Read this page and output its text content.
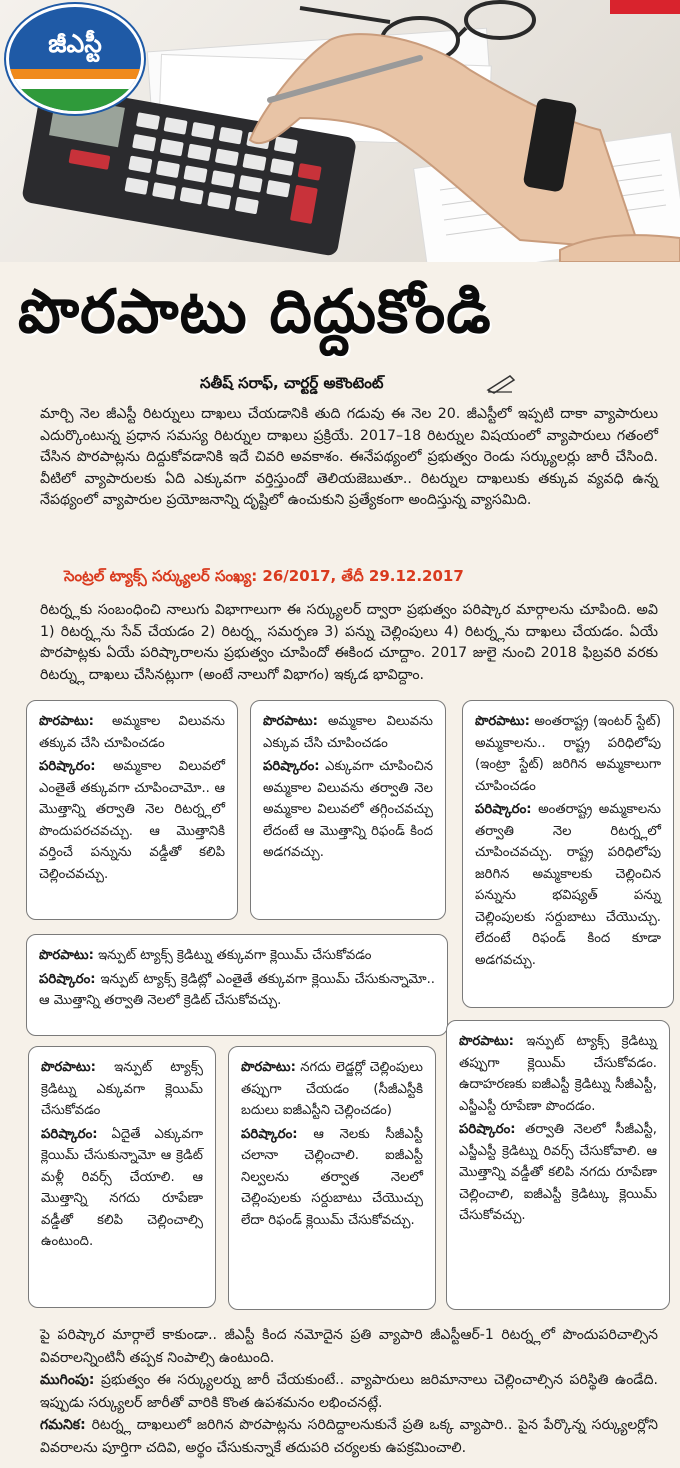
జీఎస్టీ
పొరపాటు దిద్దుకోండి
సతీష్ సరాఫ్, చార్టర్డ్ అకౌంటెంట్
మార్చి నెల జీఎస్టీ రిటర్నులు దాఖలు చేయడానికి తుది గడువు ఈ నెల 20. జీఎస్టీలో ఇప్పటి దాకా వ్యాపారులు ఎదుర్కొంటున్న ప్రధాన సమస్య రిటర్నుల దాఖలు ప్రక్రియే. 2017–18 రిటర్నుల విషయంలో వ్యాపారులు గతంలో చేసిన పొరపాట్లను దిద్దుకోవడానికి ఇదే చివరి అవకాశం. ఈనేపథ్యంలో ప్రభుత్వం రెండు సర్క్యులర్లు జారీ చేసింది. వీటిలో వ్యాపారులకు ఏది ఎక్కువగా వర్తిస్తుందో తెలియజెబుతూ.. రిటర్నుల దాఖలుకు తక్కువ వ్యవధి ఉన్న నేపథ్యంలో వ్యాపారుల ప్రయోజనాన్ని దృష్టిలో ఉంచుకుని ప్రత్యేకంగా అందిస్తున్న వ్యాసమిది.
సెంట్రల్ ట్యాక్స్ సర్క్యులర్ సంఖ్య: 26/2017, తేదీ 29.12.2017
రిటర్న్లకు సంబంధించి నాలుగు విభాగాలుగా ఈ సర్క్యులర్ ద్వారా ప్రభుత్వం పరిష్కార మార్గాలను చూపింది. అవి 1) రిటర్న్లను సేవ్ చేయడం 2) రిటర్న్ల సమర్పణ 3) పన్ను చెల్లింపులు 4) రిటర్న్లను దాఖలు చేయడం. ఏయే పొరపాట్లకు ఏయే పరిష్కారాలను ప్రభుత్వం చూపిందో ఈకింద చూద్దాం. 2017 జులై నుంచి 2018 ఫిబ్రవరి వరకు రిటర్న్లు దాఖలు చేసినట్లుగా (అంటే నాలుగో విభాగం) ఇక్కడ భావిద్దాం.

పొరపాటు: అమ్మకాల విలువను తక్కువ చేసి చూపించడం

పరిష్కారం: అమ్మకాల విలువలో ఎంతైతే తక్కువగా చూపించామో.. ఆ మొత్తాన్ని తర్వాతి నెల రిటర్న్లలో పొందుపరచవచ్చు. ఆ మొత్తానికి వర్తించే పన్నును వడ్డీతో కలిపి చెల్లించవచ్చు.

పొరపాటు: అమ్మకాల విలువను ఎక్కువ చేసి చూపించడం

పరిష్కారం: ఎక్కువగా చూపించిన అమ్మకాల విలువను తర్వాతి నెల అమ్మకాల విలువలో తగ్గించవచ్చు లేదంటే ఆ మొత్తాన్ని రిఫండ్ కింద అడగవచ్చు.

పొరపాటు: అంతరాష్ట్ర (ఇంటర్ స్టేట్) అమ్మకాలను.. రాష్ట్ర పరిధిలోపు (ఇంట్రా స్టేట్) జరిగిన అమ్మకాలుగా చూపించడం

పరిష్కారం: అంతరాష్ట్ర అమ్మకాలను తర్వాతి నెల రిటర్న్లలో చూపించవచ్చు. రాష్ట్ర పరిధిలోపు జరిగిన అమ్మకాలకు చెల్లించిన పన్నును భవిష్యత్ పన్ను చెల్లింపులకు సర్దుబాటు చేయొచ్చు. లేదంటే రిఫండ్ కింద కూడా అడగవచ్చు.

పొరపాటు: ఇన్పుట్ ట్యాక్స్ క్రెడిట్ను తక్కువగా క్లెయిమ్ చేసుకోవడం

పరిష్కారం: ఇన్పుట్ ట్యాక్స్ క్రెడిట్లో ఎంతైతే తక్కువగా క్లెయిమ్ చేసుకున్నామో.. ఆ మొత్తాన్ని తర్వాతి నెలలో క్రెడిట్ చేసుకోవచ్చు.

పొరపాటు: ఇన్పుట్ ట్యాక్స్ క్రెడిట్ను ఎక్కువగా క్లెయిమ్ చేసుకోవడం

పరిష్కారం: ఏదైతే ఎక్కువగా క్లెయిమ్ చేసుకున్నామో ఆ క్రెడిట్ మళ్లీ రివర్స్ చేయాలి. ఆ మొత్తాన్ని నగదు రూపేణా వడ్డీతో కలిపి చెల్లించాల్సి ఉంటుంది.

పొరపాటు: నగదు లెడ్జర్లో చెల్లింపులు తప్పుగా చేయడం (సీజీఎస్టీకి బదులు ఐజీఎస్టీని చెల్లించడం)

పరిష్కారం: ఆ నెలకు సీజీఎస్టీ చలానా చెల్లించాలి. ఐజీఎస్టీ నిల్వలను తర్వాత నెలలో చెల్లింపులకు సర్దుబాటు చేయొచ్చు లేదా రిఫండ్ క్లెయిమ్ చేసుకోవచ్చు.

పొరపాటు: ఇన్పుట్ ట్యాక్స్ క్రెడిట్ను తప్పుగా క్లెయిమ్ చేసుకోవడం. ఉదాహరణకు ఐజీఎస్టీ క్రెడిట్ను సీజీఎస్టీ, ఎస్జీఎస్టీ రూపేణా పొందడం.

పరిష్కారం: తర్వాతి నెలలో సీజీఎస్టీ, ఎస్జీఎస్టీ క్రెడిట్ను రివర్స్ చేసుకోవాలి. ఆ మొత్తాన్ని వడ్డీతో కలిపి నగదు రూపేణా చెల్లించాలి, ఐజీఎస్టీ క్రెడిట్కు క్లెయిమ్ చేసుకోవచ్చు.

పై పరిష్కార మార్గాలే కాకుండా.. జీఎస్టీ కింద నమోదైన ప్రతి వ్యాపారి జీఎస్టీఆర్-1 రిటర్న్లలో పొందుపరిచాల్సిన వివరాలన్నింటినీ తప్పక నింపాల్సి ఉంటుంది.

ముగింపు: ప్రభుత్వం ఈ సర్క్యులర్ను జారీ చేయకుంటే.. వ్యాపారులు జరిమానాలు చెల్లించాల్సిన పరిస్థితి ఉండేది. ఇప్పుడు సర్క్యులర్ జారీతో వారికి కొంత ఉపశమనం లభించనట్లే.

గమనిక: రిటర్న్ల దాఖలులో జరిగిన పొరపాట్లను సరిదిద్దాలనుకునే ప్రతి ఒక్క వ్యాపారి.. పైన పేర్కొన్న సర్క్యులర్లోని వివరాలను పూర్తిగా చదివి, అర్థం చేసుకున్నాకే తదుపరి చర్యలకు ఉపక్రమించాలి.
